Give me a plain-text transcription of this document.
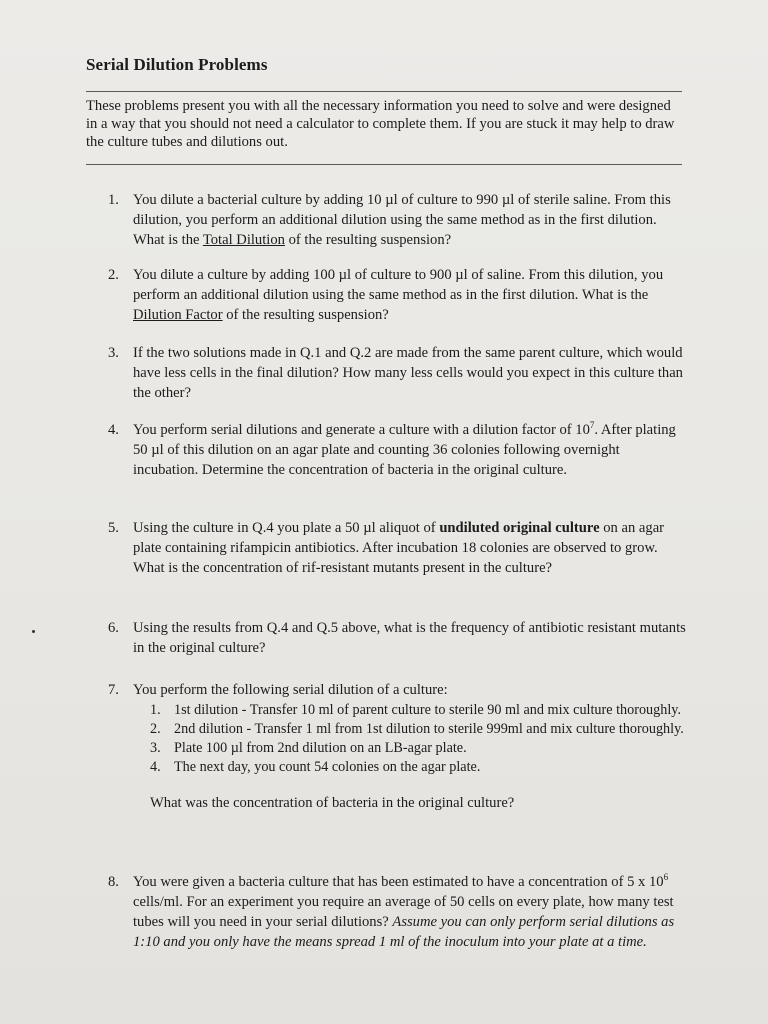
Serial Dilution Problems
These problems present you with all the necessary information you need to solve and were designed in a way that you should not need a calculator to complete them. If you are stuck it may help to draw the culture tubes and dilutions out.
1. You dilute a bacterial culture by adding 10 µl of culture to 990 µl of sterile saline. From this dilution, you perform an additional dilution using the same method as in the first dilution. What is the Total Dilution of the resulting suspension?
2. You dilute a culture by adding 100 µl of culture to 900 µl of saline. From this dilution, you perform an additional dilution using the same method as in the first dilution. What is the Dilution Factor of the resulting suspension?
3. If the two solutions made in Q.1 and Q.2 are made from the same parent culture, which would have less cells in the final dilution? How many less cells would you expect in this culture than the other?
4. You perform serial dilutions and generate a culture with a dilution factor of $10^7$. After plating 50 µl of this dilution on an agar plate and counting 36 colonies following overnight incubation. Determine the concentration of bacteria in the original culture.
5. Using the culture in Q.4 you plate a 50 µl aliquot of undiluted original culture on an agar plate containing rifampicin antibiotics. After incubation 18 colonies are observed to grow. What is the concentration of rif-resistant mutants present in the culture?
6. Using the results from Q.4 and Q.5 above, what is the frequency of antibiotic resistant mutants in the original culture?
7. You perform the following serial dilution of a culture:
1. 1st dilution - Transfer 10 ml of parent culture to sterile 90 ml and mix culture thoroughly.
2. 2nd dilution - Transfer 1 ml from 1st dilution to sterile 999ml and mix culture thoroughly.
3. Plate 100 µl from 2nd dilution on an LB-agar plate.
4. The next day, you count 54 colonies on the agar plate.
What was the concentration of bacteria in the original culture?
8. You were given a bacteria culture that has been estimated to have a concentration of 5 x $10^6$ cells/ml. For an experiment you require an average of 50 cells on every plate, how many test tubes will you need in your serial dilutions? Assume you can only perform serial dilutions as 1:10 and you only have the means spread 1 ml of the inoculum into your plate at a time.
